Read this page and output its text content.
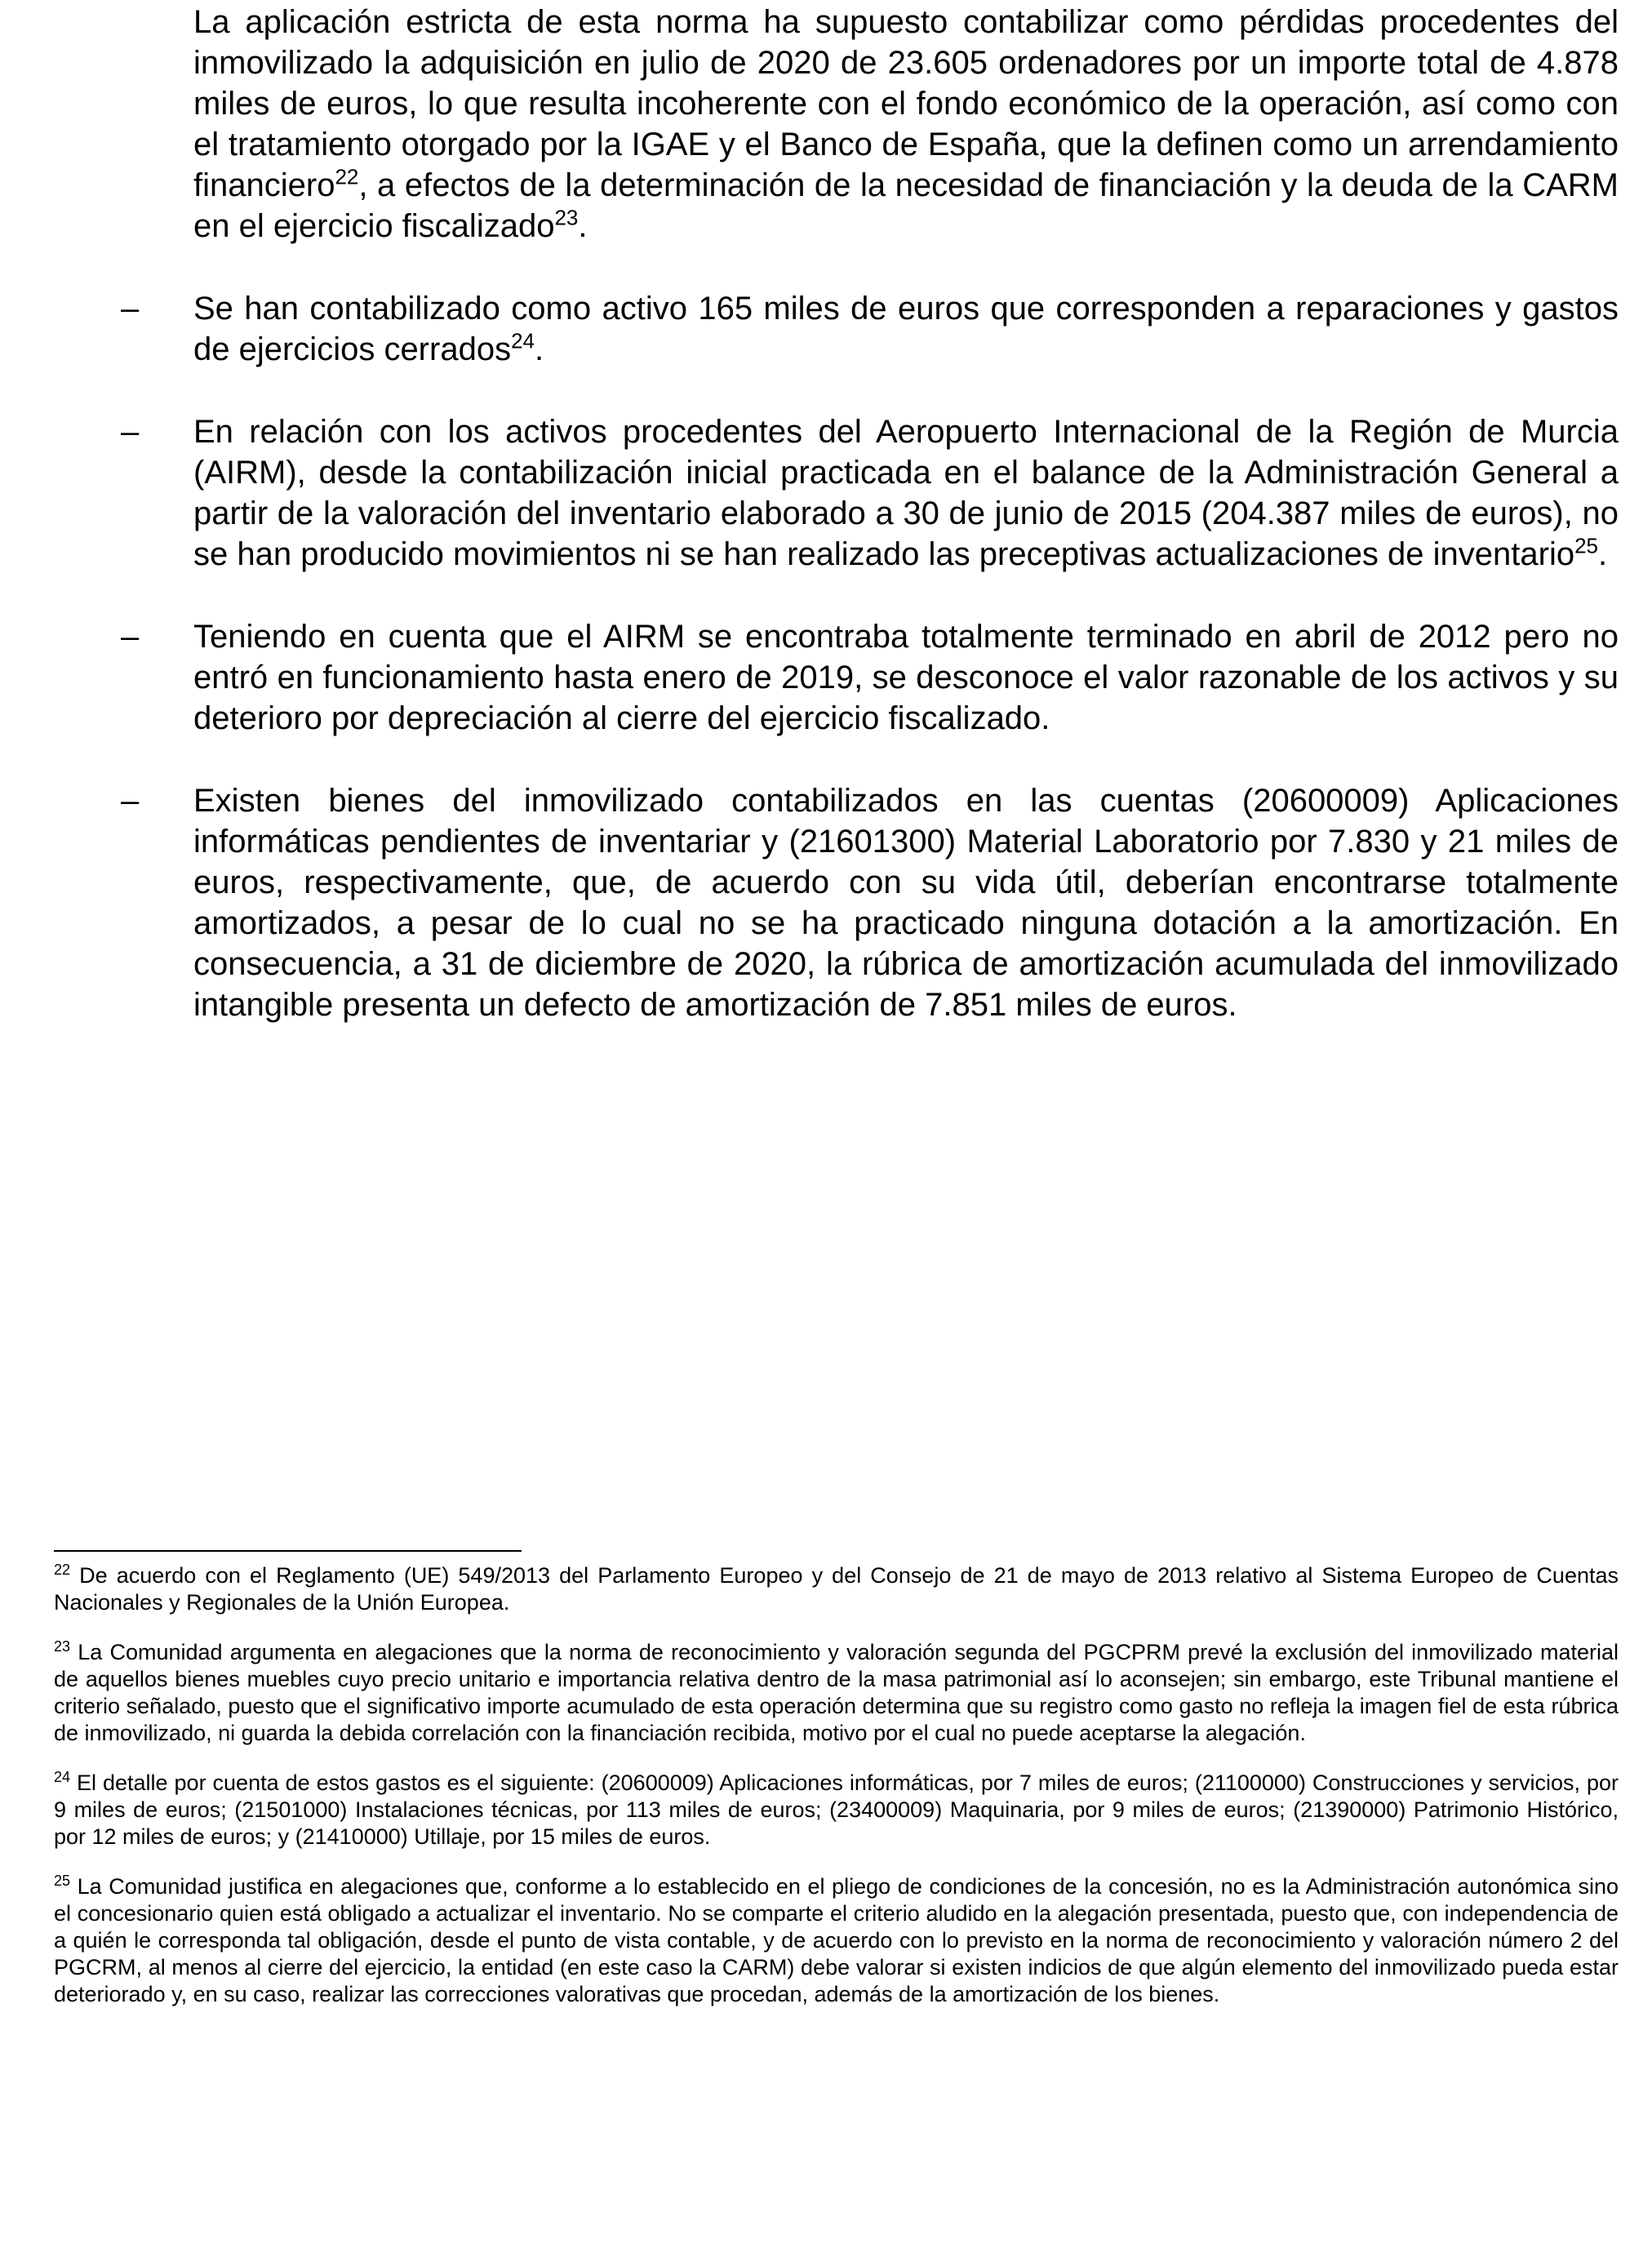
La aplicación estricta de esta norma ha supuesto contabilizar como pérdidas procedentes del inmovilizado la adquisición en julio de 2020 de 23.605 ordenadores por un importe total de 4.878 miles de euros, lo que resulta incoherente con el fondo económico de la operación, así como con el tratamiento otorgado por la IGAE y el Banco de España, que la definen como un arrendamiento financiero$^{22}$, a efectos de la determinación de la necesidad de financiación y la deuda de la CARM en el ejercicio fiscalizado$^{23}$.

– Se han contabilizado como activo 165 miles de euros que corresponden a reparaciones y gastos de ejercicios cerrados$^{24}$.
– En relación con los activos procedentes del Aeropuerto Internacional de la Región de Murcia (AIRM), desde la contabilización inicial practicada en el balance de la Administración General a partir de la valoración del inventario elaborado a 30 de junio de 2015 (204.387 miles de euros), no se han producido movimientos ni se han realizado las preceptivas actualizaciones de inventario$^{25}$.
– Teniendo en cuenta que el AIRM se encontraba totalmente terminado en abril de 2012 pero no entró en funcionamiento hasta enero de 2019, se desconoce el valor razonable de los activos y su deterioro por depreciación al cierre del ejercicio fiscalizado.
– Existen bienes del inmovilizado contabilizados en las cuentas (20600009) Aplicaciones informáticas pendientes de inventariar y (21601300) Material Laboratorio por 7.830 y 21 miles de euros, respectivamente, que, de acuerdo con su vida útil, deberían encontrarse totalmente amortizados, a pesar de lo cual no se ha practicado ninguna dotación a la amortización. En consecuencia, a 31 de diciembre de 2020, la rúbrica de amortización acumulada del inmovilizado intangible presenta un defecto de amortización de 7.851 miles de euros.

$^{22}$ De acuerdo con el Reglamento (UE) 549/2013 del Parlamento Europeo y del Consejo de 21 de mayo de 2013 relativo al Sistema Europeo de Cuentas Nacionales y Regionales de la Unión Europea.

$^{23}$ La Comunidad argumenta en alegaciones que la norma de reconocimiento y valoración segunda del PGCPRM prevé la exclusión del inmovilizado material de aquellos bienes muebles cuyo precio unitario e importancia relativa dentro de la masa patrimonial así lo aconsejen; sin embargo, este Tribunal mantiene el criterio señalado, puesto que el significativo importe acumulado de esta operación determina que su registro como gasto no refleja la imagen fiel de esta rúbrica de inmovilizado, ni guarda la debida correlación con la financiación recibida, motivo por el cual no puede aceptarse la alegación.

$^{24}$ El detalle por cuenta de estos gastos es el siguiente: (20600009) Aplicaciones informáticas, por 7 miles de euros; (21100000) Construcciones y servicios, por 9 miles de euros; (21501000) Instalaciones técnicas, por 113 miles de euros; (23400009) Maquinaria, por 9 miles de euros; (21390000) Patrimonio Histórico, por 12 miles de euros; y (21410000) Utillaje, por 15 miles de euros.

$^{25}$ La Comunidad justifica en alegaciones que, conforme a lo establecido en el pliego de condiciones de la concesión, no es la Administración autonómica sino el concesionario quien está obligado a actualizar el inventario. No se comparte el criterio aludido en la alegación presentada, puesto que, con independencia de a quién le corresponda tal obligación, desde el punto de vista contable, y de acuerdo con lo previsto en la norma de reconocimiento y valoración número 2 del PGCRM, al menos al cierre del ejercicio, la entidad (en este caso la CARM) debe valorar si existen indicios de que algún elemento del inmovilizado pueda estar deteriorado y, en su caso, realizar las correcciones valorativas que procedan, además de la amortización de los bienes.
